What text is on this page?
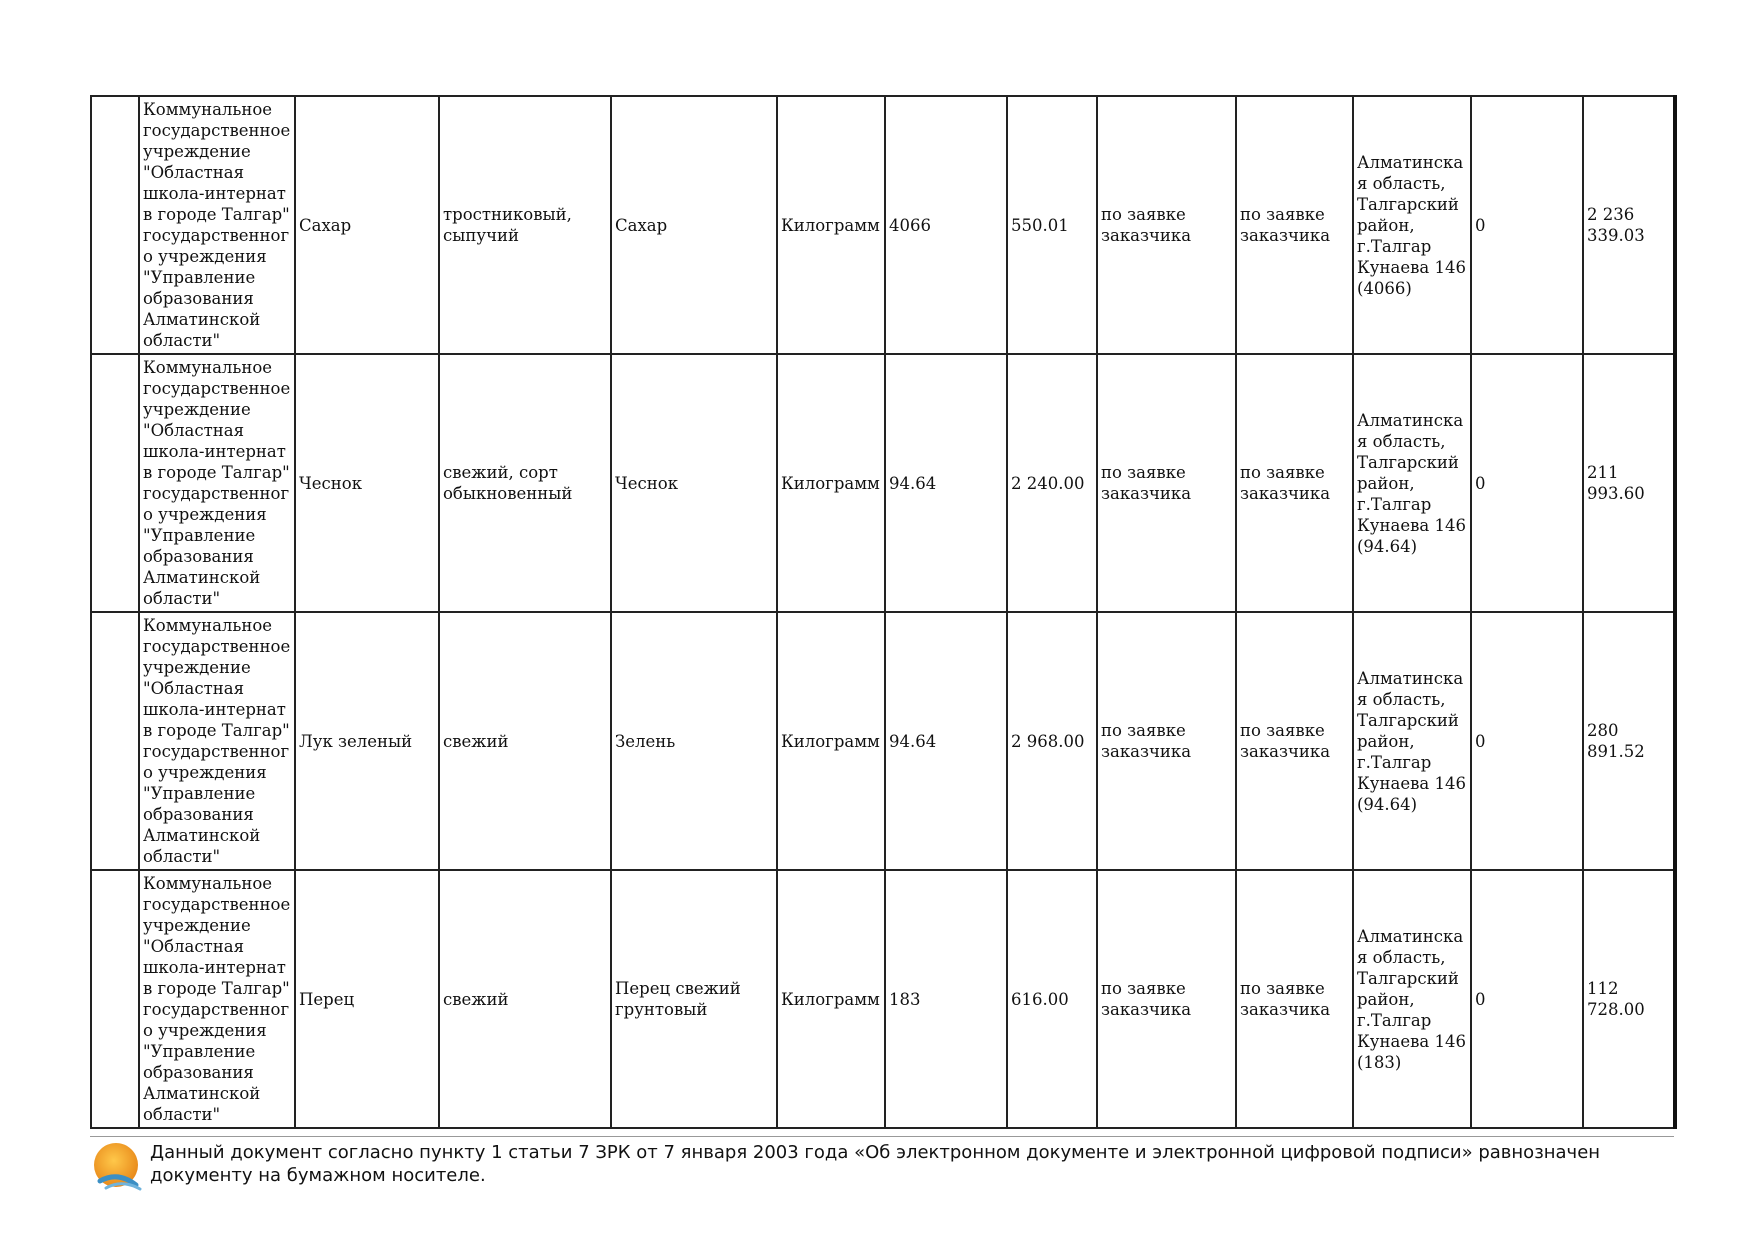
	Коммунальное государственное учреждение "Областная школа-интернат в городе Талгар" государственного учреждения "Управление образования Алматинской области"	Сахар	тростниковый, сыпучий	Сахар	Килограмм	4066	550.01	по заявке заказчика	по заявке заказчика	Алматинская область, Талгарский район, г.Талгар Кунаева 146 (4066)	0	2 236 339.03
	Коммунальное государственное учреждение "Областная школа-интернат в городе Талгар" государственного учреждения "Управление образования Алматинской области"	Чеснок	свежий, сорт обыкновенный	Чеснок	Килограмм	94.64	2 240.00	по заявке заказчика	по заявке заказчика	Алматинская область, Талгарский район, г.Талгар Кунаева 146 (94.64)	0	211 993.60
	Коммунальное государственное учреждение "Областная школа-интернат в городе Талгар" государственного учреждения "Управление образования Алматинской области"	Лук зеленый	свежий	Зелень	Килограмм	94.64	2 968.00	по заявке заказчика	по заявке заказчика	Алматинская область, Талгарский район, г.Талгар Кунаева 146 (94.64)	0	280 891.52
	Коммунальное государственное учреждение "Областная школа-интернат в городе Талгар" государственного учреждения "Управление образования Алматинской области"	Перец	свежий	Перец свежий грунтовый	Килограмм	183	616.00	по заявке заказчика	по заявке заказчика	Алматинская область, Талгарский район, г.Талгар Кунаева 146 (183)	0	112 728.00
Данный документ согласно пункту 1 статьи 7 ЗРК от 7 января 2003 года «Об электронном документе и электронной цифровой подписи» равнозначен документу на бумажном носителе.
